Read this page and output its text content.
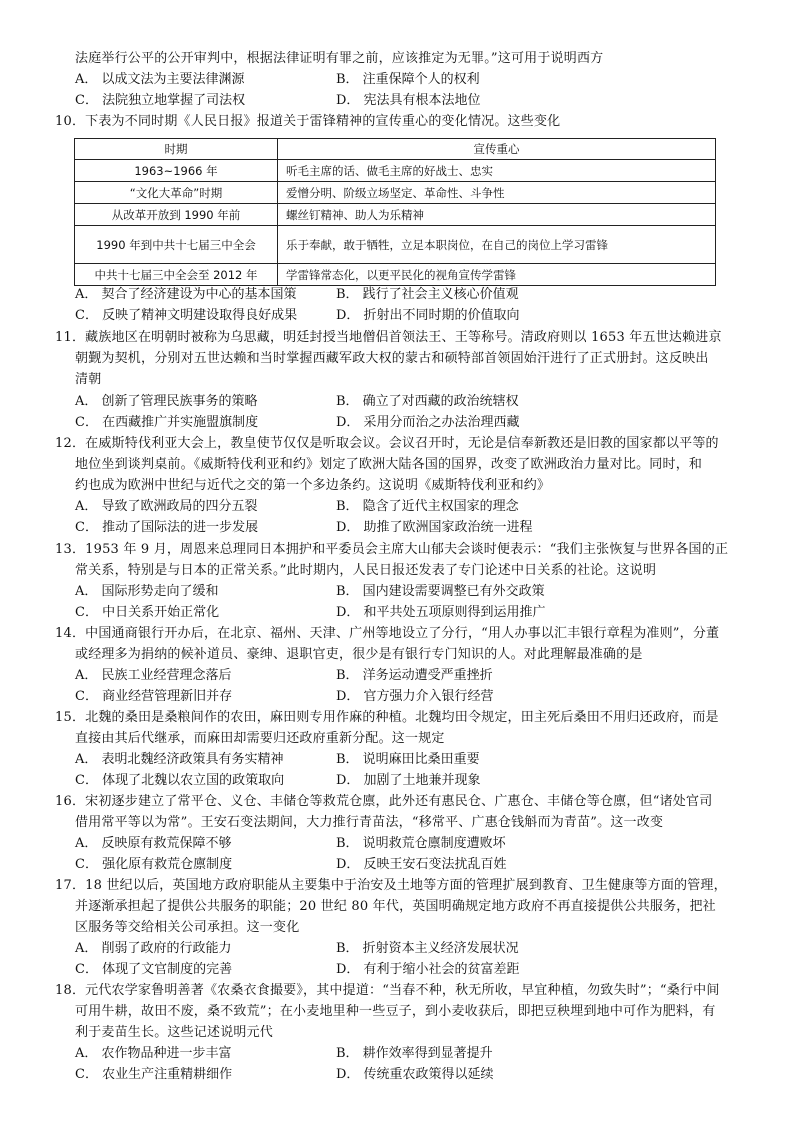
法庭举行公平的公开审判中，根据法律证明有罪之前，应该推定为无罪。”这可用于说明西方
A． 以成文法为主要法律渊源	B． 注重保障个人的权利
C． 法院独立地掌握了司法权	D． 宪法具有根本法地位
10．下表为不同时期《人民日报》报道关于雷锋精神的宣传重心的变化情况。这些变化
时期	宣传重心
1963~1966 年	听毛主席的话、做毛主席的好战士、忠实
“文化大革命”时期	爱憎分明、阶级立场坚定、革命性、斗争性
从改革开放到 1990 年前	螺丝钉精神、助人为乐精神
1990 年到中共十七届三中全会	乐于奉献，敢于牺牲，立足本职岗位，在自己的岗位上学习雷锋
中共十七届三中全会至 2012 年	学雷锋常态化，以更平民化的视角宣传学雷锋
A． 契合了经济建设为中心的基本国策	B． 践行了社会主义核心价值观
C． 反映了精神文明建设取得良好成果	D． 折射出不同时期的价值取向
11．藏族地区在明朝时被称为乌思藏，明廷封授当地僧侣首领法王、王等称号。清政府则以 1653 年五世达赖进京
朝觐为契机，分别对五世达赖和当时掌握西藏军政大权的蒙古和硕特部首领固始汗进行了正式册封。这反映出
清朝
A． 创新了管理民族事务的策略	B． 确立了对西藏的政治统辖权
C． 在西藏推广并实施盟旗制度	D． 采用分而治之办法治理西藏
12．在威斯特伐利亚大会上，教皇使节仅仅是听取会议。会议召开时，无论是信奉新教还是旧教的国家都以平等的
地位坐到谈判桌前。《威斯特伐利亚和约》划定了欧洲大陆各国的国界，改变了欧洲政治力量对比。同时，和
约也成为欧洲中世纪与近代之交的第一个多边条约。这说明《威斯特伐利亚和约》
A． 导致了欧洲政局的四分五裂	B． 隐含了近代主权国家的理念
C． 推动了国际法的进一步发展	D． 助推了欧洲国家政治统一进程
13．1953 年 9 月，周恩来总理同日本拥护和平委员会主席大山郁夫会谈时便表示：“我们主张恢复与世界各国的正
常关系，特别是与日本的正常关系。”此时期内，人民日报还发表了专门论述中日关系的社论。这说明
A． 国际形势走向了缓和	B． 国内建设需要调整已有外交政策
C． 中日关系开始正常化	D． 和平共处五项原则得到运用推广
14．中国通商银行开办后，在北京、福州、天津、广州等地设立了分行，“用人办事以汇丰银行章程为准则”，分董
或经理多为捐纳的候补道员、豪绅、退职官吏，很少是有银行专门知识的人。对此理解最准确的是
A． 民族工业经营理念落后	B． 洋务运动遭受严重挫折
C． 商业经营管理新旧并存	D． 官方强力介入银行经营
15．北魏的桑田是桑粮间作的农田，麻田则专用作麻的种植。北魏均田令规定，田主死后桑田不用归还政府，而是
直接由其后代继承，而麻田却需要归还政府重新分配。这一规定
A． 表明北魏经济政策具有务实精神	B． 说明麻田比桑田重要
C． 体现了北魏以农立国的政策取向	D． 加剧了土地兼并现象
16．宋初逐步建立了常平仓、义仓、丰储仓等救荒仓廪，此外还有惠民仓、广惠仓、丰储仓等仓廪，但“诸处官司
借用常平等以为常”。王安石变法期间，大力推行青苗法，“移常平、广惠仓钱斛而为青苗”。这一改变
A． 反映原有救荒保障不够	B． 说明救荒仓廪制度遭败坏
C． 强化原有救荒仓廪制度	D． 反映王安石变法扰乱百姓
17．18 世纪以后，英国地方政府职能从主要集中于治安及土地等方面的管理扩展到教育、卫生健康等方面的管理，
并逐渐承担起了提供公共服务的职能；20 世纪 80 年代，英国明确规定地方政府不再直接提供公共服务，把社
区服务等交给相关公司承担。这一变化
A． 削弱了政府的行政能力	B． 折射资本主义经济发展状况
C． 体现了文官制度的完善	D． 有利于缩小社会的贫富差距
18．元代农学家鲁明善著《农桑衣食撮要》，其中提道：“当春不种，秋无所收，早宜种植，勿致失时”；“桑行中间
可用牛耕，故田不废，桑不致荒”；在小麦地里种一些豆子，到小麦收获后，即把豆秧埋到地中可作为肥料，有
利于麦苗生长。这些记述说明元代
A． 农作物品种进一步丰富	B． 耕作效率得到显著提升
C． 农业生产注重精耕细作	D． 传统重农政策得以延续
